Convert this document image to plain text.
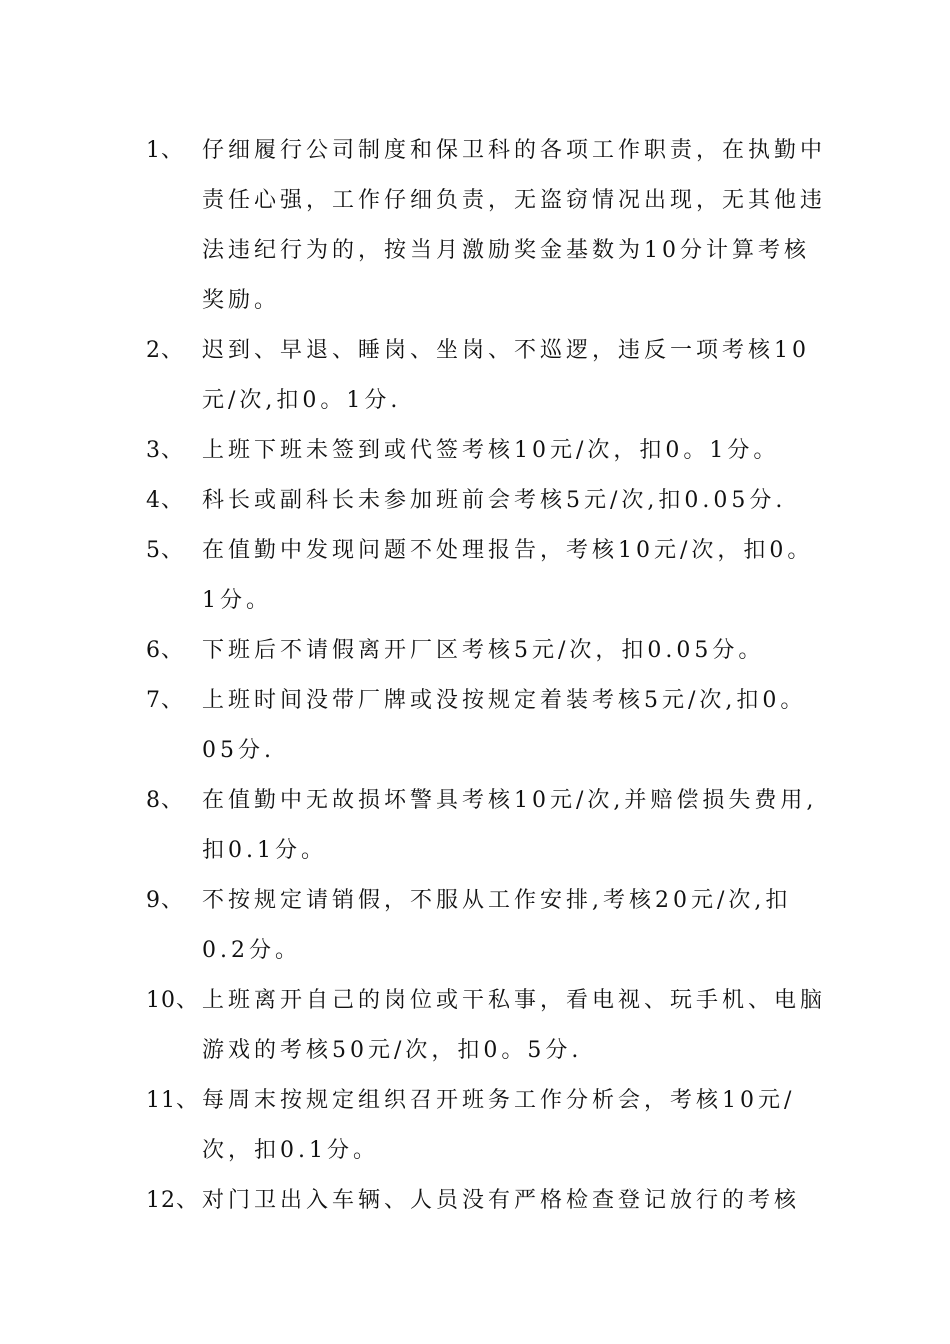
1、 仔细履行公司制度和保卫科的各项工作职责，在执勤中责任心强，工作仔细负责，无盗窃情况出现，无其他违法违纪行为的，按当月激励奖金基数为10分计算考核奖励。
2、 迟到、早退、睡岗、坐岗、不巡逻，违反一项考核10元/次,扣0。1分.
3、 上班下班未签到或代签考核10元/次，扣0。1分。
4、 科长或副科长未参加班前会考核5元/次,扣0.05分.
5、 在值勤中发现问题不处理报告，考核10元/次，扣0。1分。
6、 下班后不请假离开厂区考核5元/次，扣0.05分。
7、 上班时间没带厂牌或没按规定着装考核5元/次,扣0。05分.
8、 在值勤中无故损坏警具考核10元/次,并赔偿损失费用,扣0.1分。
9、 不按规定请销假，不服从工作安排,考核20元/次,扣0.2分。
10、 上班离开自己的岗位或干私事，看电视、玩手机、电脑游戏的考核50元/次，扣0。5分.
11、 每周末按规定组织召开班务工作分析会，考核10元/次，扣0.1分。
12、 对门卫出入车辆、人员没有严格检查登记放行的考核
